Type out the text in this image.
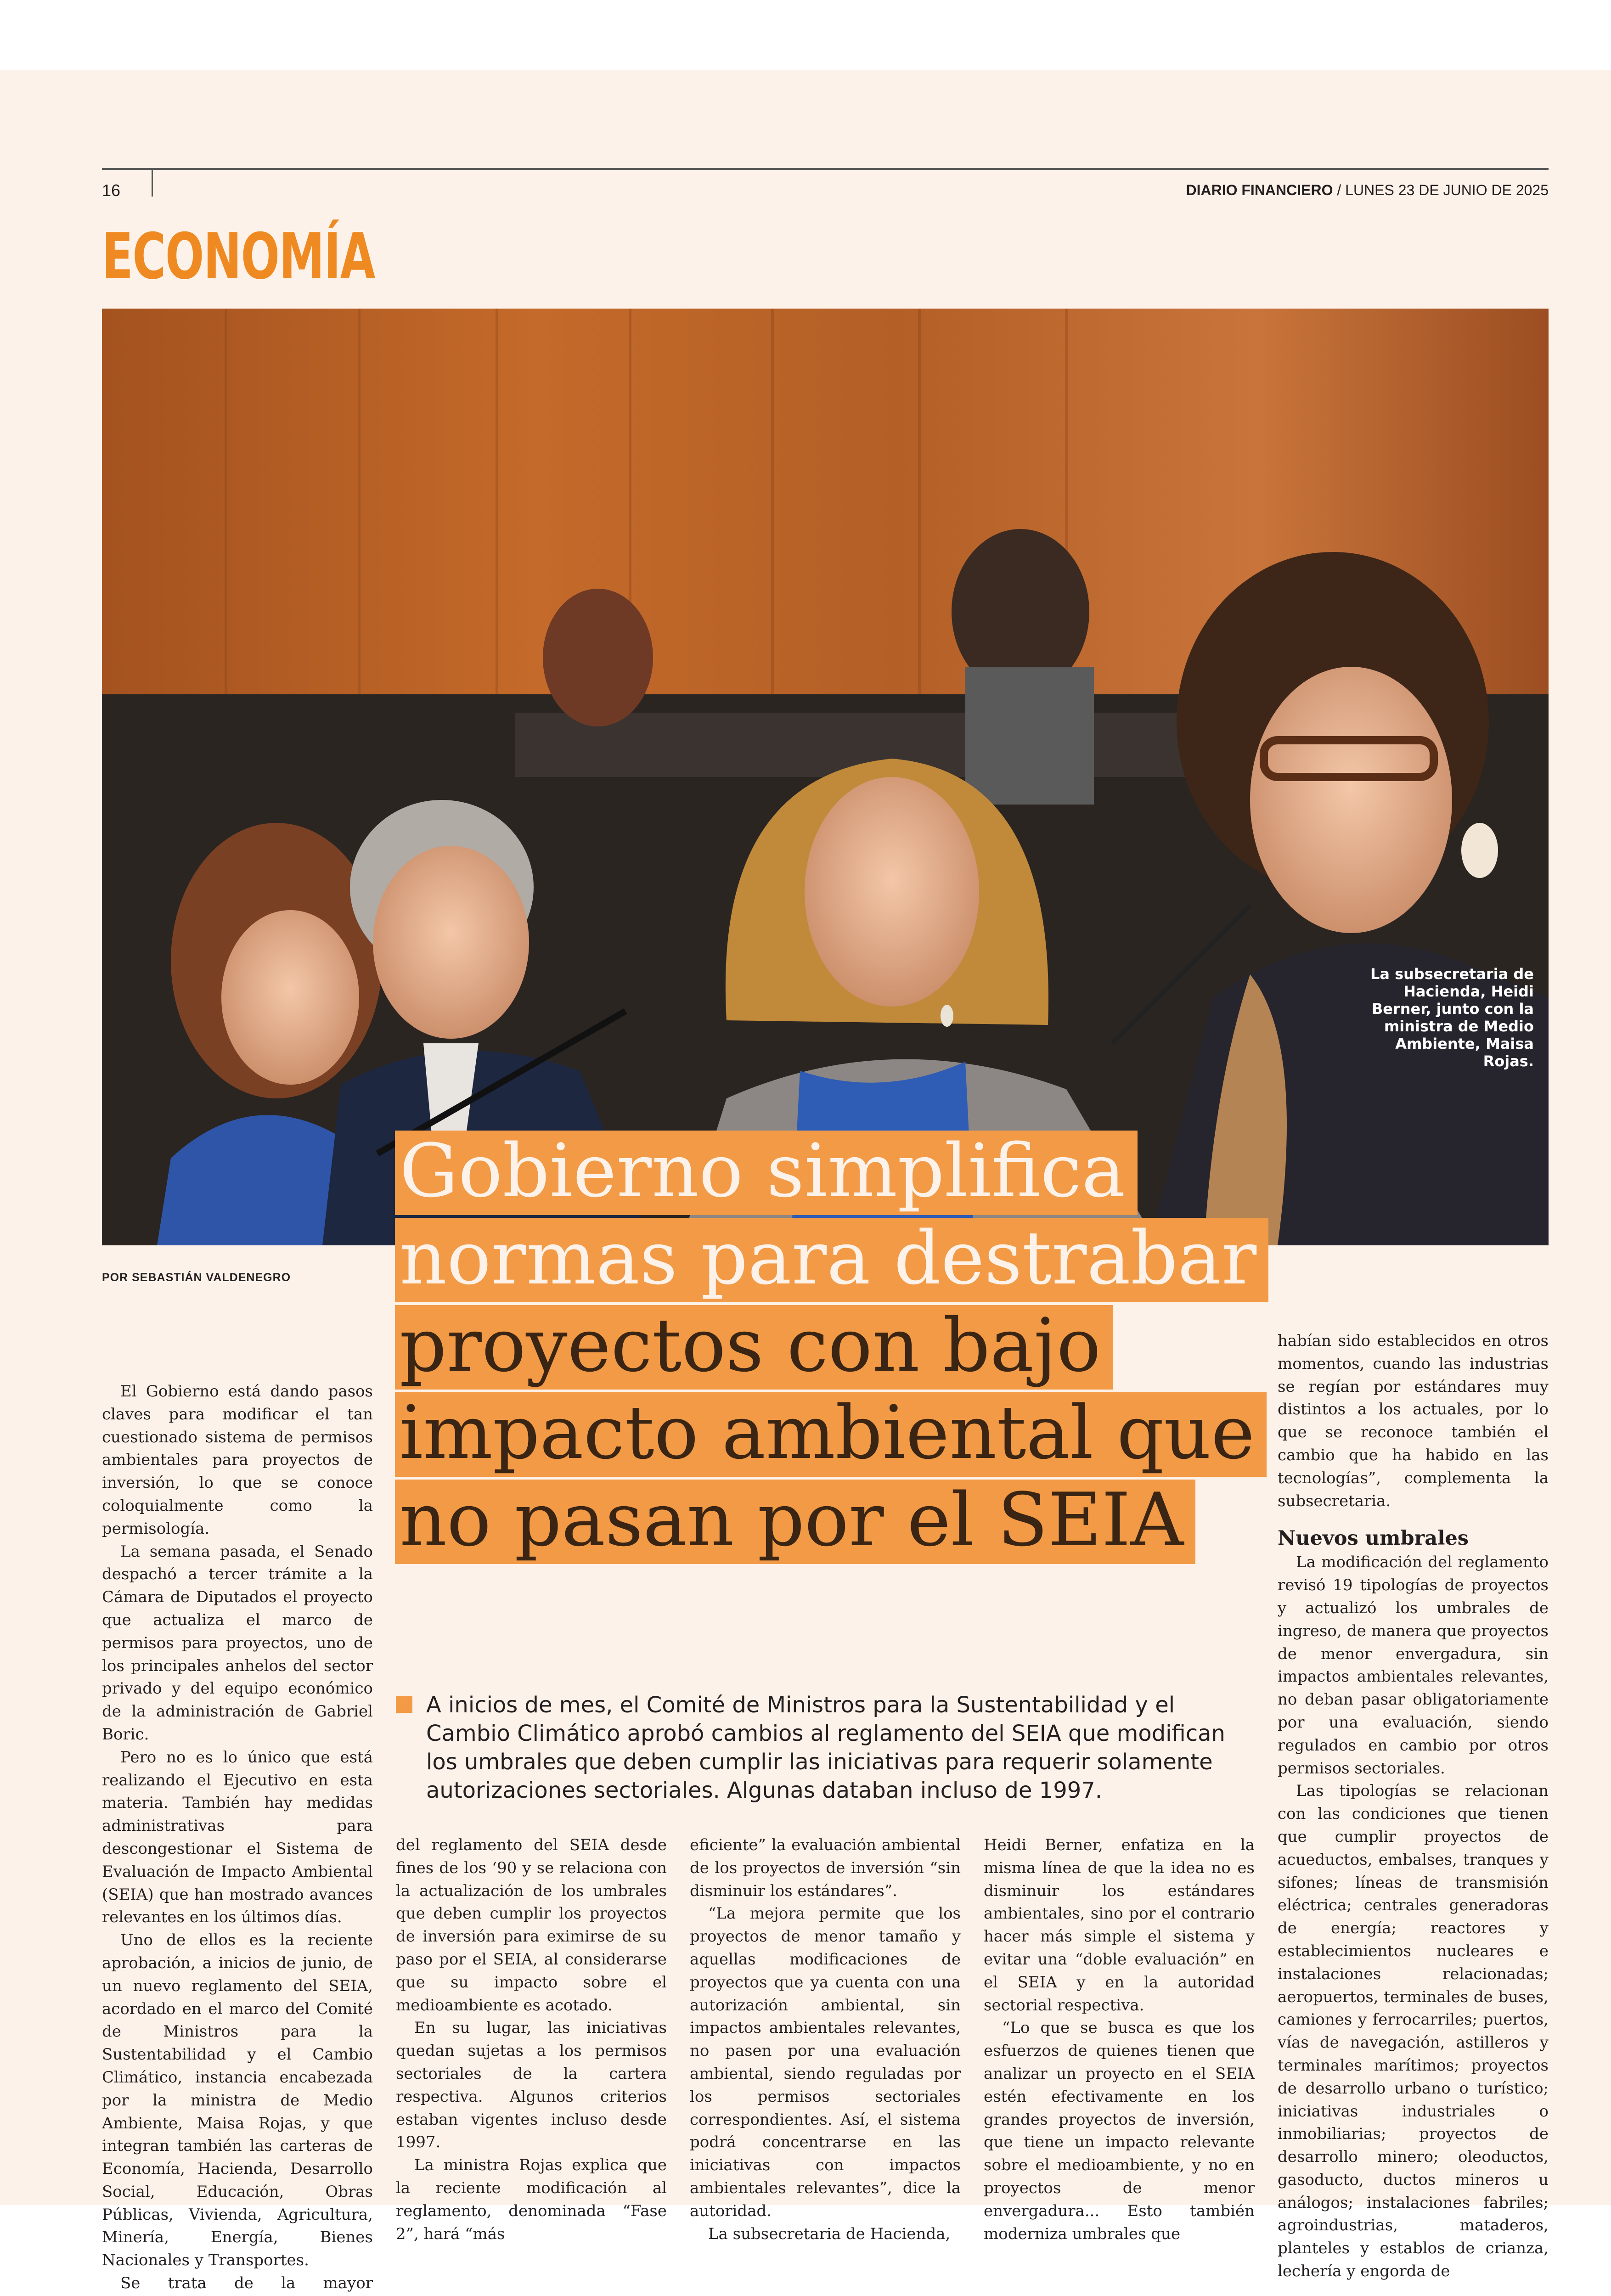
16	DIARIO FINANCIERO / LUNES 23 DE JUNIO DE 2025
ECONOMÍA
La subsecretaria de Hacienda, Heidi Berner, junto con la ministra de Medio Ambiente, Maisa Rojas.
Gobierno simplifica
normas para destrabar
proyectos con bajo
impacto ambiental que
no pasan por el SEIA
POR SEBASTIÁN VALDENEGRO

A inicios de mes, el Comité de Ministros para la Sustentabilidad y el Cambio Climático aprobó cambios al reglamento del SEIA que modifican los umbrales que deben cumplir las iniciativas para requerir solamente autorizaciones sectoriales. Algunas databan incluso de 1997.

El Gobierno está dando pasos claves para modificar el tan cuestionado sistema de permisos ambientales para proyectos de inversión, lo que se conoce coloquialmente como la permisología.

La semana pasada, el Senado despachó a tercer trámite a la Cámara de Diputados el proyecto que actualiza el marco de permisos para proyectos, uno de los principales anhelos del sector privado y del equipo económico de la administración de Gabriel Boric.

Pero no es lo único que está realizando el Ejecutivo en esta materia. También hay medidas administrativas para descongestionar el Sistema de Evaluación de Impacto Ambiental (SEIA) que han mostrado avances relevantes en los últimos días.

Uno de ellos es la reciente aprobación, a inicios de junio, de un nuevo reglamento del SEIA, acordado en el marco del Comité de Ministros para la Sustentabilidad y el Cambio Climático, instancia encabezada por la ministra de Medio Ambiente, Maisa Rojas, y que integran también las carteras de Economía, Hacienda, Desarrollo Social, Educación, Obras Públicas, Vivienda, Agricultura, Minería, Energía, Bienes Nacionales y Transportes.

Se trata de la mayor

del reglamento del SEIA desde fines de los ‘90 y se relaciona con la actualización de los umbrales que deben cumplir los proyectos de inversión para eximirse de su paso por el SEIA, al considerarse que su impacto sobre el medioambiente es acotado.

En su lugar, las iniciativas quedan sujetas a los permisos sectoriales de la cartera respectiva. Algunos criterios estaban vigentes incluso desde 1997.

La ministra Rojas explica que la reciente modificación al reglamento, denominada “Fase 2”, hará “más

eficiente” la evaluación ambiental de los proyectos de inversión “sin disminuir los estándares”.

“La mejora permite que los proyectos de menor tamaño y aquellas modificaciones de proyectos que ya cuenta con una autorización ambiental, sin impactos ambientales relevantes, no pasen por una evaluación ambiental, siendo reguladas por los permisos sectoriales correspondientes. Así, el sistema podrá concentrarse en las iniciativas con impactos ambientales relevantes”, dice la autoridad.

La subsecretaria de Hacienda,

Heidi Berner, enfatiza en la misma línea de que la idea no es disminuir los estándares ambientales, sino por el contrario hacer más simple el sistema y evitar una “doble evaluación” en el SEIA y en la autoridad sectorial respectiva.

“Lo que se busca es que los esfuerzos de quienes tienen que analizar un proyecto en el SEIA estén efectivamente en los grandes proyectos de inversión, que tiene un impacto relevante sobre el medioambiente, y no en proyectos de menor envergadura... Esto también moderniza umbrales que

habían sido establecidos en otros momentos, cuando las industrias se regían por estándares muy distintos a los actuales, por lo que se reconoce también el cambio que ha habido en las tecnologías”, complementa la subsecretaria.

Nuevos umbrales

La modificación del reglamento revisó 19 tipologías de proyectos y actualizó los umbrales de ingreso, de manera que proyectos de menor envergadura, sin impactos ambientales relevantes, no deban pasar obligatoriamente por una evaluación, siendo regulados en cambio por otros permisos sectoriales.

Las tipologías se relacionan con las condiciones que tienen que cumplir proyectos de acueductos, embalses, tranques y sifones; líneas de transmisión eléctrica; centrales generadoras de energía; reactores y establecimientos nucleares e instalaciones relacionadas; aeropuertos, terminales de buses, camiones y ferrocarriles; puertos, vías de navegación, astilleros y terminales marítimos; proyectos de desarrollo urbano o turístico; iniciativas industriales o inmobiliarias; proyectos de desarrollo minero; oleoductos, gasoducto, ductos mineros u análogos; instalaciones fabriles; agroindustrias, mataderos, planteles y establos de crianza, lechería y engorda de
